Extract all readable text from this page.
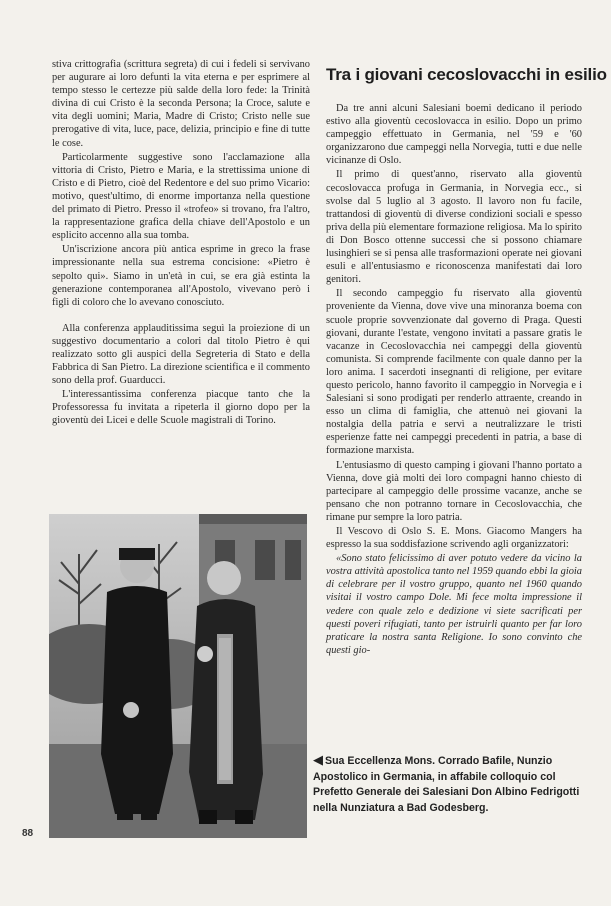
stiva crittografia (scrittura segreta) di cui i fedeli si servivano per augurare ai loro defunti la vita eterna e per esprimere al tempo stesso le certezze più salde della loro fede: la Trinità divina di cui Cristo è la seconda Persona; la Croce, salute e vita degli uomini; Maria, Madre di Cristo; Cristo nelle sue prerogative di vita, luce, pace, delizia, principio e fine di tutte le cose.

Particolarmente suggestive sono l'acclamazione alla vittoria di Cristo, Pietro e Maria, e la strettissima unione di Cristo e di Pietro, cioè del Redentore e del suo primo Vicario: motivo, quest'ultimo, di enorme importanza nella questione del primato di Pietro. Presso il «trofeo» si trovano, fra l'altro, la rappresentazione grafica della chiave dell'Apostolo e un esplicito accenno alla sua tomba.

Un'iscrizione ancora più antica esprime in greco la frase impressionante nella sua estrema concisione: «Pietro è sepolto qui». Siamo in un'età in cui, se era già estinta la generazione contemporanea all'Apostolo, vivevano però i figli di coloro che lo avevano conosciuto.

Alla conferenza applauditissima seguì la proiezione di un suggestivo documentario a colori dal titolo Pietro è qui realizzato sotto gli auspici della Segreteria di Stato e della Fabbrica di San Pietro. La direzione scientifica e il commento sono della prof. Guarducci.

L'interessantissima conferenza piacque tanto che la Professoressa fu invitata a ripeterla il giorno dopo per la gioventù dei Licei e delle Scuole magistrali di Torino.

Tra i giovani cecoslovacchi in esilio

Da tre anni alcuni Salesiani boemi dedicano il periodo estivo alla gioventù cecoslovacca in esilio. Dopo un primo campeggio effettuato in Germania, nel '59 e '60 organizzarono due campeggi nella Norvegia, tutti e due nelle vicinanze di Oslo.

Il primo di quest'anno, riservato alla gioventù cecoslovacca profuga in Germania, in Norvegia ecc., si svolse dal 5 luglio al 3 agosto. Il lavoro non fu facile, trattandosi di gioventù di diverse condizioni sociali e spesso priva della più elementare formazione religiosa. Ma lo spirito di Don Bosco ottenne successi che si possono chiamare lusinghieri se si pensa alle trasformazioni operate nei giovani esuli e all'entusiasmo e riconoscenza manifestati dai loro genitori.

Il secondo campeggio fu riservato alla gioventù proveniente da Vienna, dove vive una minoranza boema con scuole proprie sovvenzionate dal governo di Praga. Questi giovani, durante l'estate, vengono invitati a passare gratis le vacanze in Cecoslovacchia nei campeggi della gioventù comunista. Si comprende facilmente con quale danno per la loro anima. I sacerdoti insegnanti di religione, per evitare questo pericolo, hanno favorito il campeggio in Norvegia e i Salesiani si sono prodigati per renderlo attraente, creando in esso un clima di famiglia, che attenuò nei giovani la nostalgia della patria e servì a neutralizzare le tristi esperienze fatte nei campeggi precedenti in patria, a base di formazione marxista.

L'entusiasmo di questo camping i giovani l'hanno portato a Vienna, dove già molti dei loro compagni hanno chiesto di partecipare al campeggio delle prossime vacanze, anche se pensano che non potranno tornare in Cecoslovacchia, che rimane pur sempre la loro patria.

Il Vescovo di Oslo S. E. Mons. Giacomo Mangers ha espresso la sua soddisfazione scrivendo agli organizzatori:

«Sono stato felicissimo di aver potuto vedere da vicino la vostra attività apostolica tanto nel 1959 quando ebbi la gioia di celebrare per il vostro gruppo, quanto nel 1960 quando visitai il vostro campo Dole. Mi fece molta impressione il vedere con quale zelo e dedizione vi siete sacrificati per questi poveri rifugiati, tanto per istruirli quanto per far loro praticare la nostra santa Religione. Io sono convinto che questi gio-

◀ Sua Eccellenza Mons. Corrado Bafile, Nunzio Apostolico in Germania, in affabile colloquio col Prefetto Generale dei Salesiani Don Albino Fedrigotti nella Nunziatura a Bad Godesberg.
88
